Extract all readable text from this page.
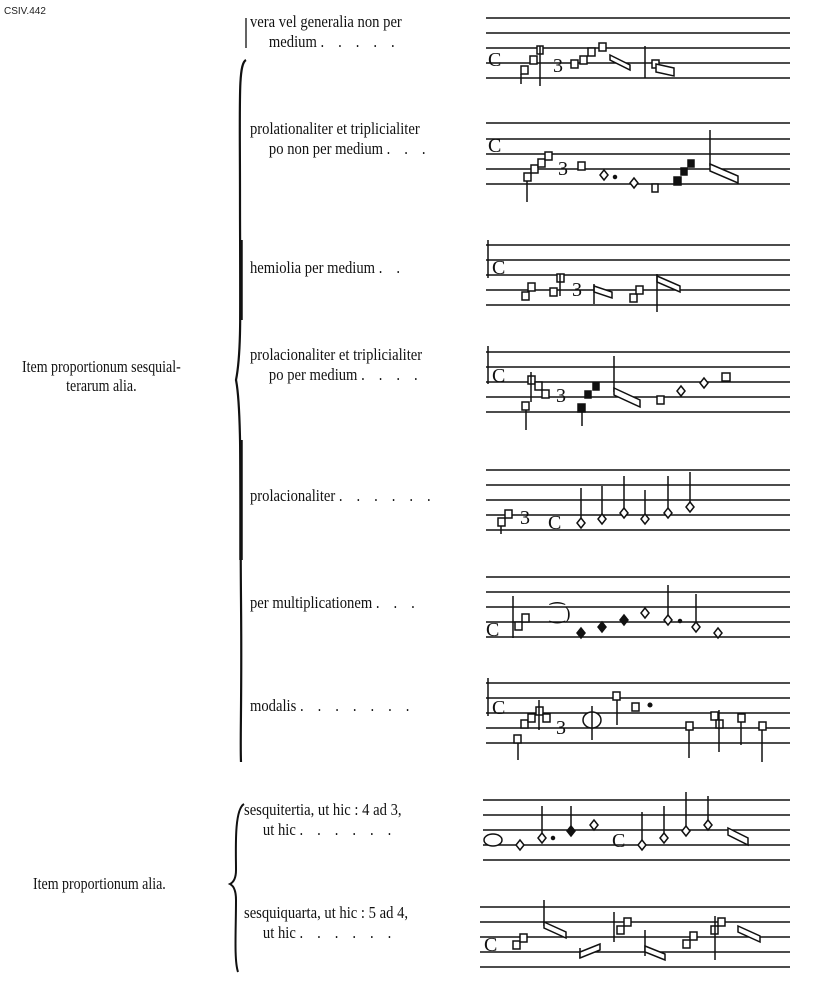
CSIV.442
Item proportionum sesquial-
terarum alia.
Item proportionum alia.
vera vel generalia non per
medium . . . . .
prolationaliter et triplicialiter
po non per medium . . .
hemiolia per medium . .
prolacionaliter et triplicialiter
po per medium . . . .
prolacionaliter . . . . . .
per multiplicationem . . .
modalis . . . . . . .
sesquitertia, ut hic : 4 ad 3,
ut hic . . . . . .
sesquiquarta, ut hic : 5 ad 4,
ut hic . . . . . .
C	3
C
3
C
3
C
3
3 C
C
⁐)
C
3
C
C
